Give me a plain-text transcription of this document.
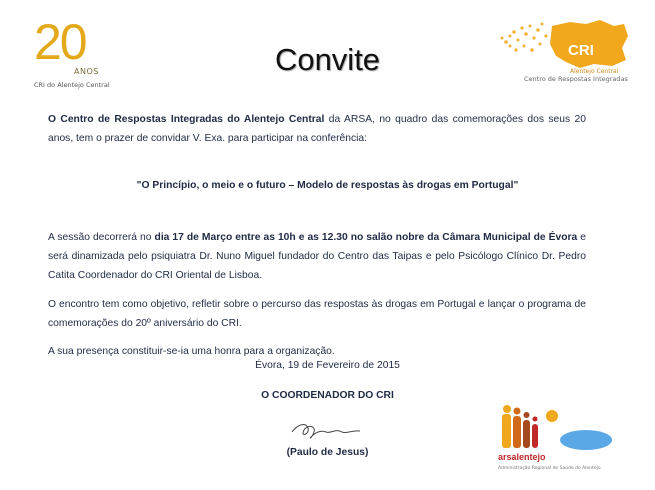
20
ANOS
CRI do Alentejo Central
CRI
Alentejo Central
Centro de Respostas Integradas
Convite
O Centro de Respostas Integradas do Alentejo Central da ARSA, no quadro das comemorações dos seus 20 anos, tem o prazer de convidar V. Exa. para participar na conferência:
"O Princípio, o meio e o futuro – Modelo de respostas às drogas em Portugal"
A sessão decorrerá no dia 17 de Março entre as 10h e as 12.30 no salão nobre da Câmara Municipal de Évora e será dinamizada pelo psiquiatra Dr. Nuno Miguel fundador do Centro das Taipas e pelo Psicólogo Clínico Dr. Pedro Catita Coordenador do CRI Oriental de Lisboa.
O encontro tem como objetivo, refletir sobre o percurso das respostas às drogas em Portugal e lançar o programa de comemorações do 20º aniversário do CRI.
A sua presença constituir-se-ia uma honra para a organização.
Évora, 19 de Fevereiro de 2015
O COORDENADOR DO CRI
(Paulo de Jesus)	arsalentejo
Administração Regional de Saúde do Alentejo
